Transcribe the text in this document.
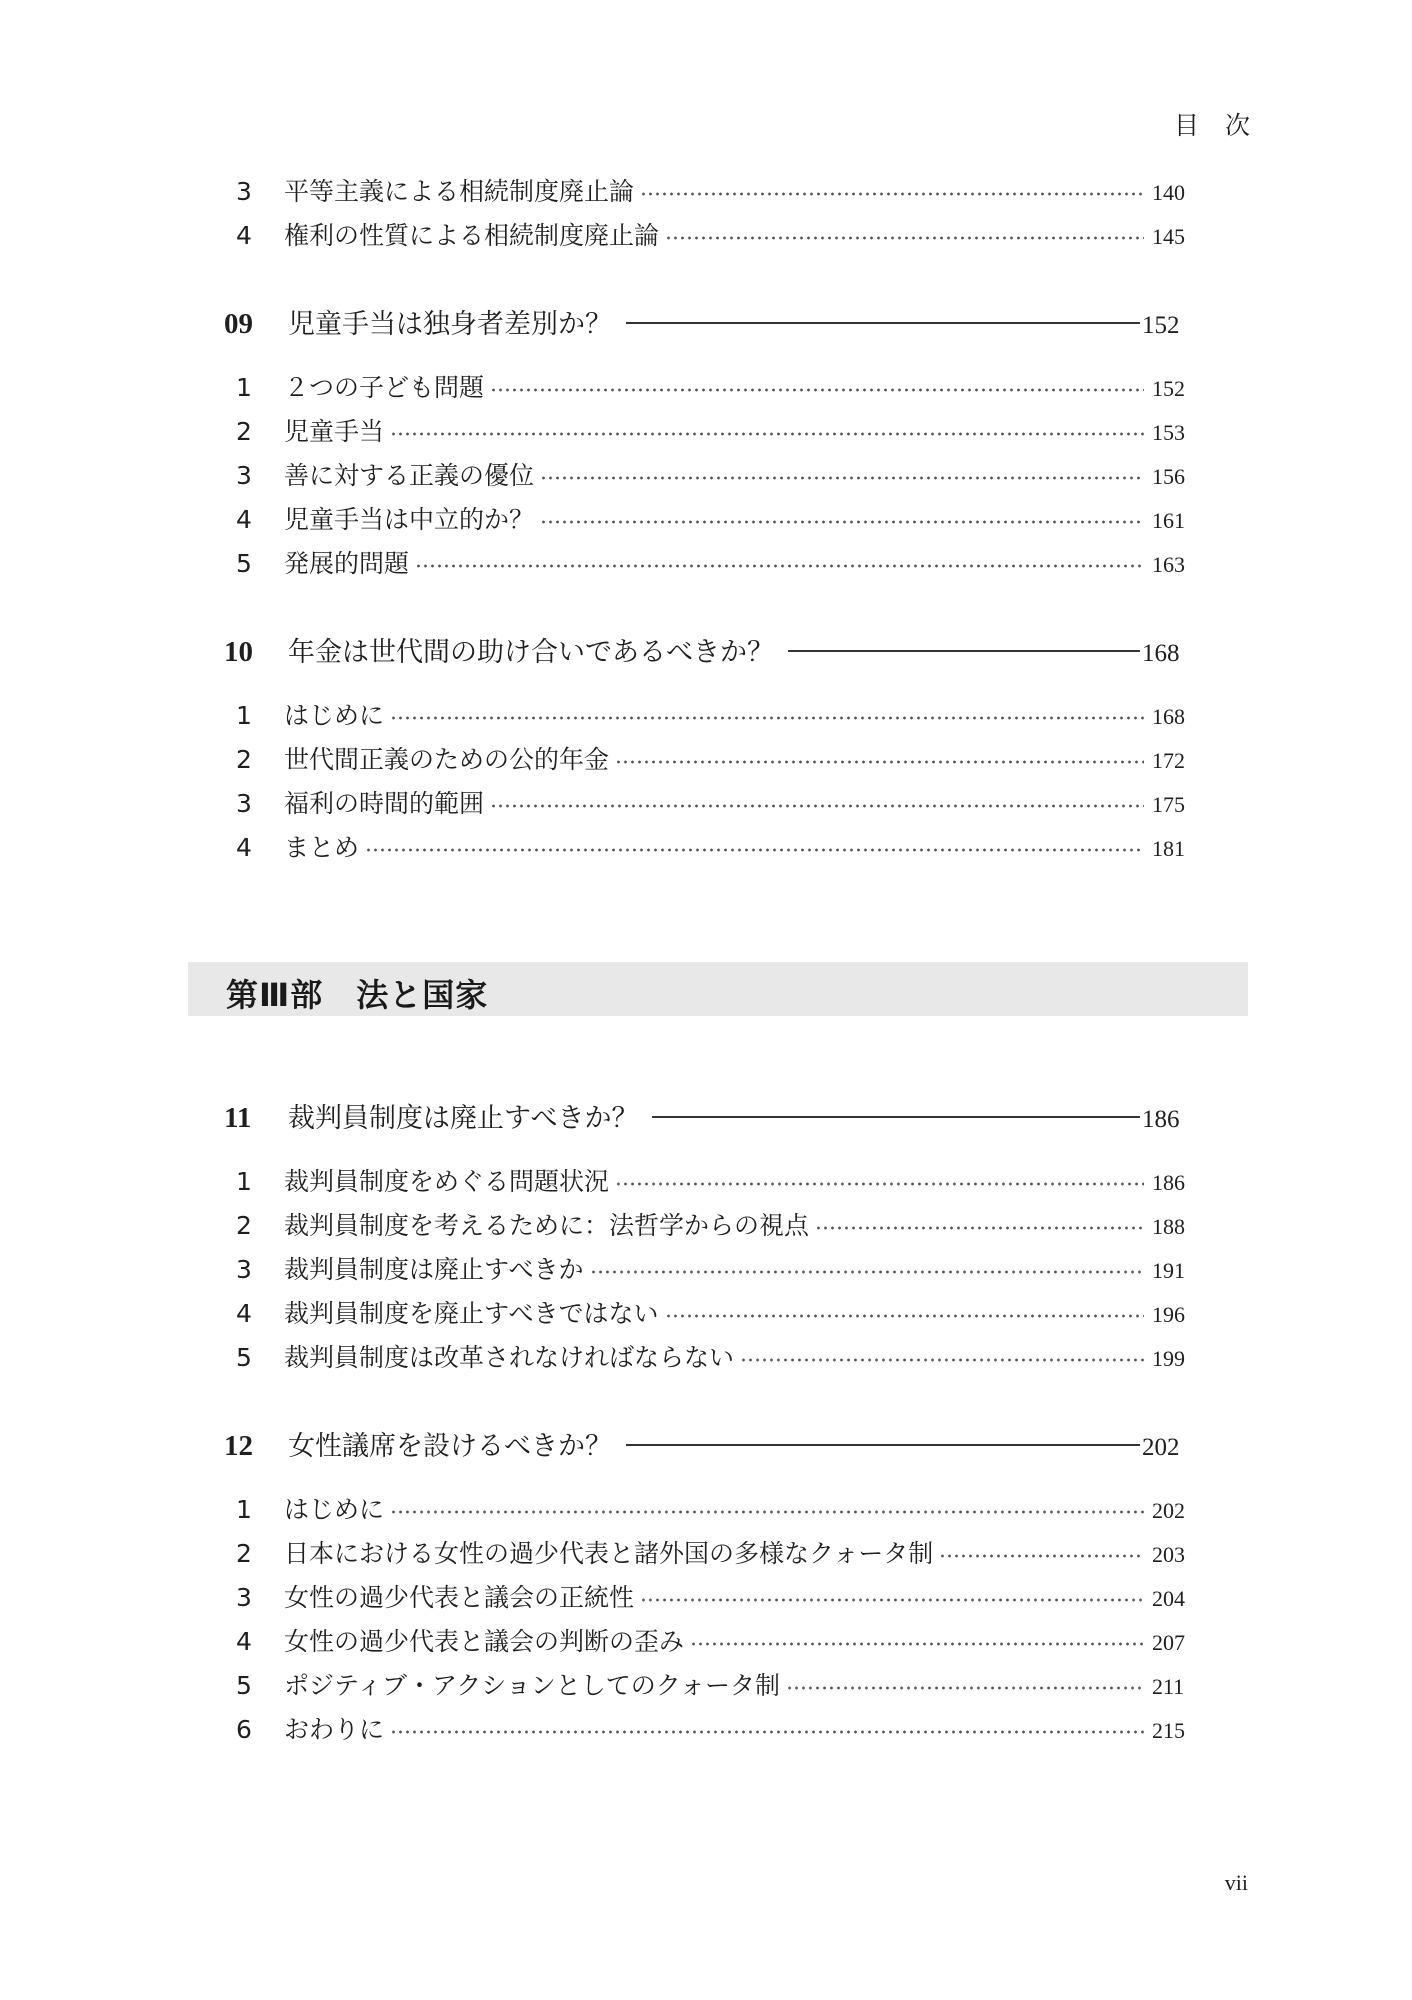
目次
3	平等主義による相続制度廃止論	140
4	権利の性質による相続制度廃止論	145
09	児童手当は独身者差別か？	152
1	２つの子ども問題	152
2	児童手当	153
3	善に対する正義の優位	156
4	児童手当は中立的か？	161
5	発展的問題	163
10	年金は世代間の助け合いであるべきか？	168
1	はじめに	168
2	世代間正義のための公的年金	172
3	福利の時間的範囲	175
4	まとめ	181
第Ⅲ部　法と国家
11	裁判員制度は廃止すべきか？	186
1	裁判員制度をめぐる問題状況	186
2	裁判員制度を考えるために：法哲学からの視点	188
3	裁判員制度は廃止すべきか	191
4	裁判員制度を廃止すべきではない	196
5	裁判員制度は改革されなければならない	199
12	女性議席を設けるべきか？	202
1	はじめに	202
2	日本における女性の過少代表と諸外国の多様なクォータ制	203
3	女性の過少代表と議会の正統性	204
4	女性の過少代表と議会の判断の歪み	207
5	ポジティブ・アクションとしてのクォータ制	211
6	おわりに	215
vii
